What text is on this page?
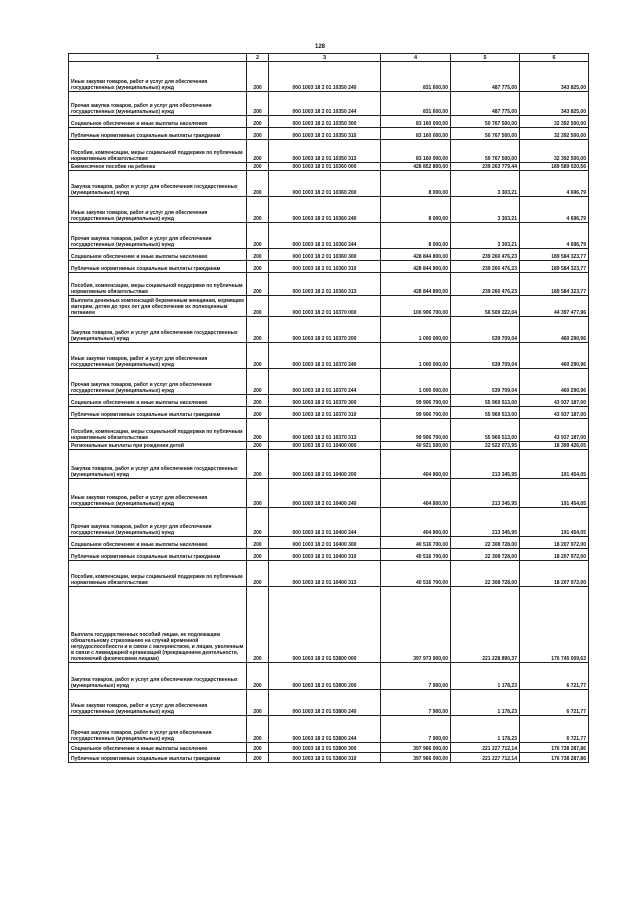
128
1	2	3	4	5	6
Иные закупки товаров, работ и услуг для обеспечения государственных (муниципальных) нужд	200	000 1003 18 2 01 10350 240	831 600,00	487 775,00	343 825,00
Прочая закупка товаров, работ и услуг для обеспечения государственных (муниципальных) нужд	200	000 1003 18 2 01 10350 244	831 600,00	487 775,00	343 825,00
Социальное обеспечение и иные выплаты населению	200	000 1003 18 2 01 10350 300	83 160 000,00	50 767 500,00	32 392 500,00
Публичные нормативные социальные выплаты гражданам	200	000 1003 18 2 01 10350 310	83 160 000,00	50 767 500,00	32 392 500,00
Пособия, компенсации, меры социальной поддержки по публичным нормативным обязательствам	200	000 1003 18 2 01 10350 313	83 160 000,00	50 767 500,00	32 392 500,00
Ежемесячное пособие на ребенка	200	000 1003 18 2 01 10360 000	428 852 800,00	239 263 779,44	189 589 020,56
Закупка товаров, работ и услуг для обеспечения государственных (муниципальных) нужд	200	000 1003 18 2 01 10360 200	8 000,00	3 303,21	4 696,79
Иные закупки товаров, работ и услуг для обеспечения государственных (муниципальных) нужд	200	000 1003 18 2 01 10360 240	8 000,00	3 303,21	4 696,79
Прочая закупка товаров, работ и услуг для обеспечения государственных (муниципальных) нужд	200	000 1003 18 2 01 10360 244	8 000,00	3 303,21	4 696,79
Социальное обеспечение и иные выплаты населению	200	000 1003 18 2 01 10360 300	428 844 800,00	239 260 476,23	189 584 323,77
Публичные нормативные социальные выплаты гражданам	200	000 1003 18 2 01 10360 310	428 844 800,00	239 260 476,23	189 584 323,77
Пособия, компенсации, меры социальной поддержки по публичным нормативным обязательствам	200	000 1003 18 2 01 10360 313	428 844 800,00	239 260 476,23	189 584 323,77
Выплата денежных компенсаций беременным женщинам, кормящим матерям, детям до трех лет для обеспечения их полноценным питанием	200	000 1003 18 2 01 10370 000	100 906 700,00	56 509 222,04	44 397 477,96
Закупка товаров, работ и услуг для обеспечения государственных (муниципальных) нужд	200	000 1003 18 2 01 10370 200	1 000 000,00	539 709,04	460 290,96
Иные закупки товаров, работ и услуг для обеспечения государственных (муниципальных) нужд	200	000 1003 18 2 01 10370 240	1 000 000,00	539 709,04	460 290,96
Прочая закупка товаров, работ и услуг для обеспечения государственных (муниципальных) нужд	200	000 1003 18 2 01 10370 244	1 000 000,00	539 709,04	460 290,96
Социальное обеспечение и иные выплаты населению	200	000 1003 18 2 01 10370 300	99 906 700,00	55 969 513,00	43 937 187,00
Публичные нормативные социальные выплаты гражданам	200	000 1003 18 2 01 10370 310	99 906 700,00	55 969 513,00	43 937 187,00
Пособия, компенсации, меры социальной поддержки по публичным нормативным обязательствам	200	000 1003 18 2 01 10370 313	99 906 700,00	55 969 513,00	43 937 187,00
Региональные выплаты при рождении детей	200	000 1003 18 2 01 10400 000	40 921 500,00	22 522 073,95	18 399 426,05
Закупка товаров, работ и услуг для обеспечения государственных (муниципальных) нужд	200	000 1003 18 2 01 10400 200	404 800,00	213 345,95	191 454,05
Иные закупки товаров, работ и услуг для обеспечения государственных (муниципальных) нужд	200	000 1003 18 2 01 10400 240	404 800,00	213 345,95	191 454,05
Прочая закупка товаров, работ и услуг для обеспечения государственных (муниципальных) нужд	200	000 1003 18 2 01 10400 244	404 800,00	213 345,95	191 454,05
Социальное обеспечение и иные выплаты населению	200	000 1003 18 2 01 10400 300	40 516 700,00	22 308 728,00	18 207 972,00
Публичные нормативные социальные выплаты гражданам	200	000 1003 18 2 01 10400 310	40 516 700,00	22 308 728,00	18 207 972,00
Пособия, компенсации, меры социальной поддержки по публичным нормативным обязательствам	200	000 1003 18 2 01 10400 313	40 516 700,00	22 308 728,00	18 207 972,00
Выплата государственных пособий лицам, не подлежащим обязательному страхованию на случай временной нетрудоспособности и в связи с материнством, и лицам, уволенным в связи с ликвидацией организаций (прекращением деятельности, полномочий физическими лицами)	200	000 1003 18 2 01 53800 000	397 973 900,00	221 228 890,37	176 745 009,63
Закупка товаров, работ и услуг для обеспечения государственных (муниципальных) нужд	200	000 1003 18 2 01 53800 200	7 900,00	1 178,23	6 721,77
Иные закупки товаров, работ и услуг для обеспечения государственных (муниципальных) нужд	200	000 1003 18 2 01 53800 240	7 900,00	1 178,23	6 721,77
Прочая закупка товаров, работ и услуг для обеспечения государственных (муниципальных) нужд	200	000 1003 18 2 01 53800 244	7 900,00	1 178,23	6 721,77
Социальное обеспечение и иные выплаты населению	200	000 1003 18 2 01 53800 300	397 966 000,00	221 227 712,14	176 738 287,86
Публичные нормативные социальные выплаты гражданам	200	000 1003 18 2 01 53800 310	397 966 000,00	221 227 712,14	176 738 287,86
